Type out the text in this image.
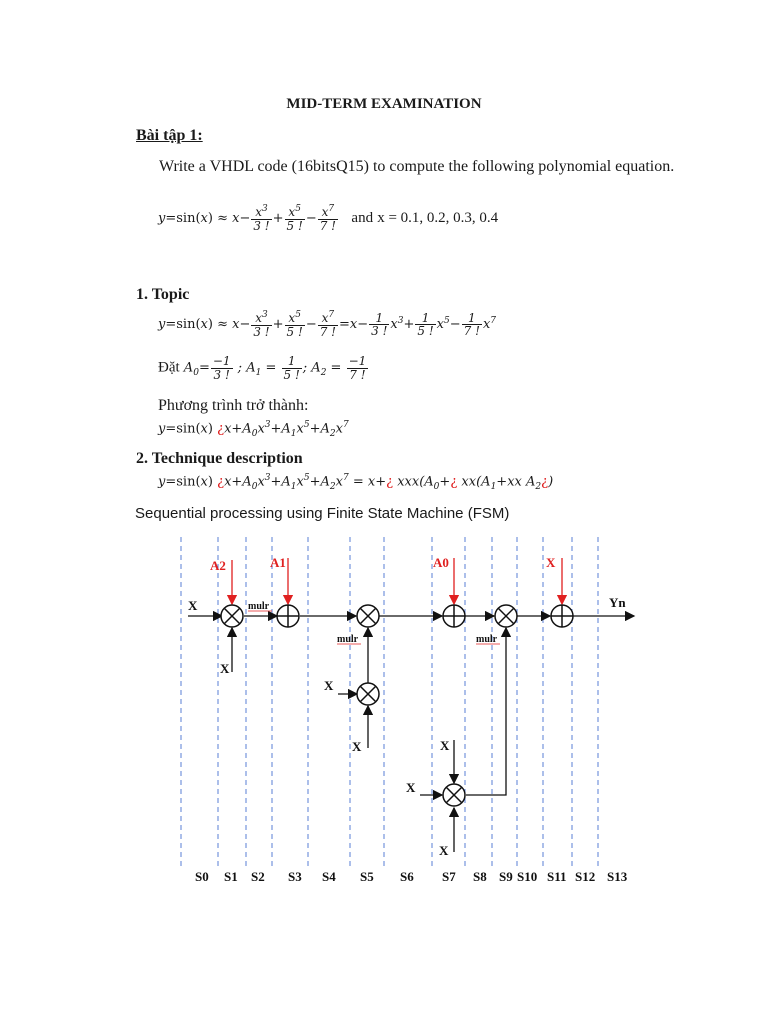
MID-TERM EXAMINATION
Bài tập 1:
Write a VHDL code (16bitsQ15) to compute the following polynomial equation.
$y=\sin(x) \approx x- \frac{x^3}{3 !} + \frac{x^5}{5 !} - \frac{x^7}{7 !}$ and x = 0.1, 0.2, 0.3, 0.4
1. Topic
$y=\sin(x) \approx x- \frac{x^3}{3 !} + \frac{x^5}{5 !} - \frac{x^7}{7 !} =x- \frac{1}{3 !} x^3+ \frac{1}{5 !} x^5- \frac{1}{7 !} x^7$
Đặt $A_0= \frac{-1}{3 !}$ ; $A_1 = \frac{1}{5 !}$ ; $A_2 = \frac{-1}{7 !}$
Phương trình trở thành:
y=sin(x) ¿$x+A_0x^3+A_1x^5+A_2x^7$
2. Technique description
y=sin(x) ¿$x+A_0x^3+A_1x^5+A_2x^7$ = x+¿ $xxx(A_0+¿$ $xx(A_1+xx$ $A_2¿$)
Sequential processing using Finite State Machine (FSM)
A2	A1	A0	X
X
X
X
X	X
X
X
mulr
mulr	mulr
Yn
S0 S1 S2 S3 S4 S5 S6 S7 S8 S9 S10 S11 S12 S13
